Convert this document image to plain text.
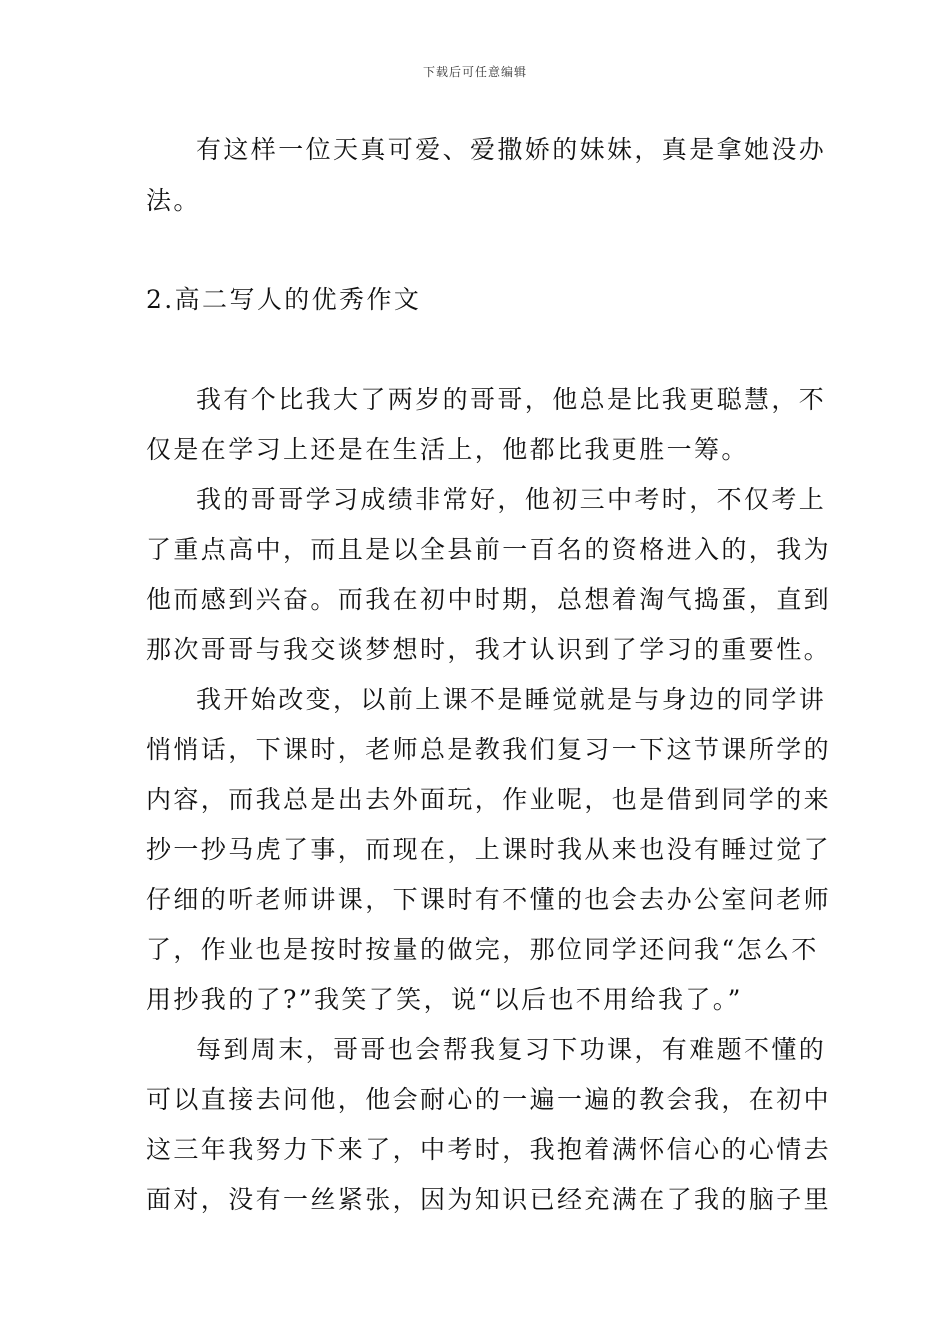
下载后可任意编辑
有这样一位天真可爱、爱撒娇的妹妹，真是拿她没办
法。
2.高二写人的优秀作文
我有个比我大了两岁的哥哥，他总是比我更聪慧，不
仅是在学习上还是在生活上，他都比我更胜一筹。
我的哥哥学习成绩非常好，他初三中考时，不仅考上
了重点高中，而且是以全县前一百名的资格进入的，我为
他而感到兴奋。而我在初中时期，总想着淘气捣蛋，直到
那次哥哥与我交谈梦想时，我才认识到了学习的重要性。
我开始改变，以前上课不是睡觉就是与身边的同学讲
悄悄话，下课时，老师总是教我们复习一下这节课所学的
内容，而我总是出去外面玩，作业呢，也是借到同学的来
抄一抄马虎了事，而现在，上课时我从来也没有睡过觉了
仔细的听老师讲课，下课时有不懂的也会去办公室问老师
了，作业也是按时按量的做完，那位同学还问我“怎么不
用抄我的了?”我笑了笑，说“以后也不用给我了。”
每到周末，哥哥也会帮我复习下功课，有难题不懂的
可以直接去问他，他会耐心的一遍一遍的教会我，在初中
这三年我努力下来了，中考时，我抱着满怀信心的心情去
面对，没有一丝紧张，因为知识已经充满在了我的脑子里
